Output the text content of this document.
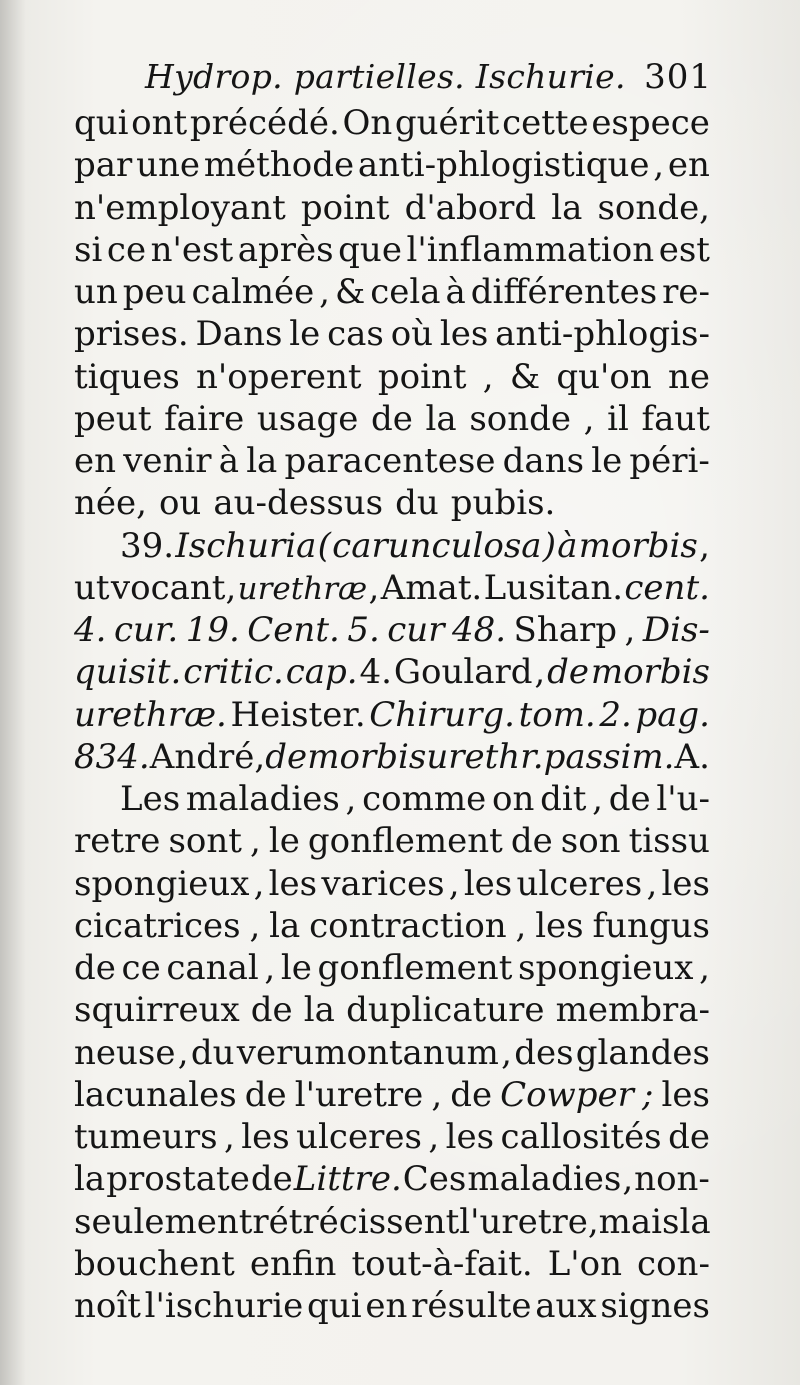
Hydrop. partielles. Ischurie. 301
qui ont précédé. On guérit cette espece
par une méthode anti-phlogistique , en
n'employant point d'abord la sonde,
si ce n'est après que l'inflammation est
un peu calmée , & cela à différentes re-
prises. Dans le cas où les anti-phlogis-
tiques n'operent point , & qu'on ne
peut faire usage de la sonde , il faut
en venir à la paracentese dans le péri-
née, ou au-dessus du pubis.
39. Ischuria ( carunculosa ) à morbis ,
ut vocant, urethræ , Amat. Lusitan. cent.
4. cur. 19. Cent. 5. cur 48. Sharp , Dis-
quisit. critic. cap. 4. Goulard , de morbis
urethræ. Heister. Chirurg. tom. 2. pag.
834. André , de morbis urethr. passim. A.
Les maladies , comme on dit , de l'u-
retre sont , le gonflement de son tissu
spongieux , les varices , les ulceres , les
cicatrices , la contraction , les fungus
de ce canal , le gonflement spongieux ,
squirreux de la duplicature membra-
neuse , du verumontanum , des glandes
lacunales de l'uretre , de Cowper ; les
tumeurs , les ulceres , les callosités de
la prostate de Littre. Ces maladies , non-
seulement rétrécissent l'uretre , mais la
bouchent enfin tout-à-fait. L'on con-
noît l'ischurie qui en résulte aux signes
